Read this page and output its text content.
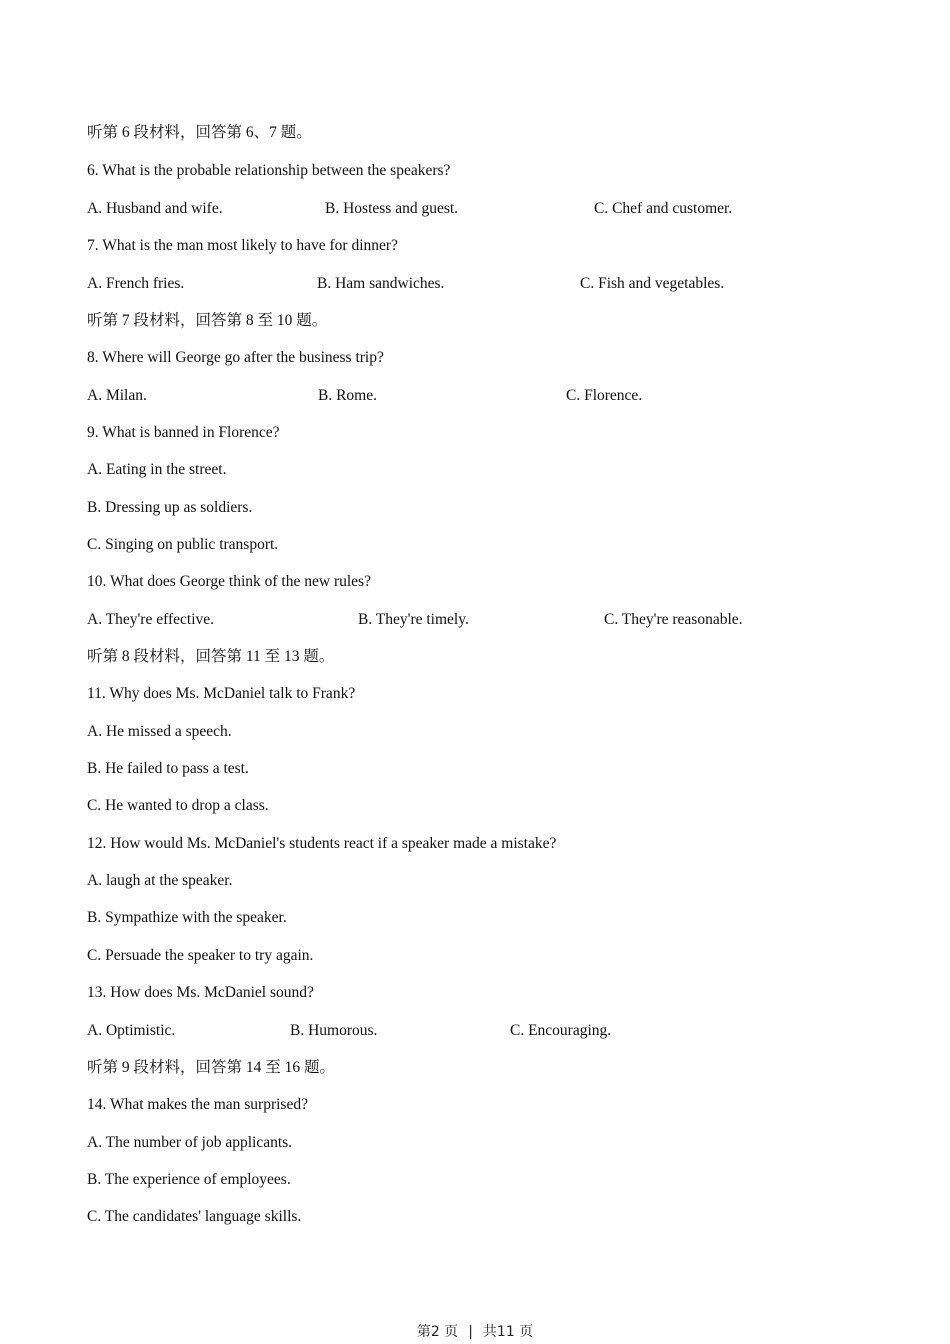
听第 6 段材料，回答第 6、7 题。
6. What is the probable relationship between the speakers?
A. Husband and wife.	B. Hostess and guest.	C. Chef and customer.
7. What is the man most likely to have for dinner?
A. French fries.	B. Ham sandwiches.	C. Fish and vegetables.
听第 7 段材料，回答第 8 至 10 题。
8. Where will George go after the business trip?
A. Milan.	B. Rome.	C. Florence.
9. What is banned in Florence?
A. Eating in the street.
B. Dressing up as soldiers.
C. Singing on public transport.
10. What does George think of the new rules?
A. They're effective.	B. They're timely.	C. They're reasonable.
听第 8 段材料，回答第 11 至 13 题。
11. Why does Ms. McDaniel talk to Frank?
A. He missed a speech.
B. He failed to pass a test.
C. He wanted to drop a class.
12. How would Ms. McDaniel's students react if a speaker made a mistake?
A. laugh at the speaker.
B. Sympathize with the speaker.
C. Persuade the speaker to try again.
13. How does Ms. McDaniel sound?
A. Optimistic.	B. Humorous.	C. Encouraging.
听第 9 段材料，回答第 14 至 16 题。
14. What makes the man surprised?
A. The number of job applicants.
B. The experience of employees.
C. The candidates' language skills.
第2 页 | 共11 页
